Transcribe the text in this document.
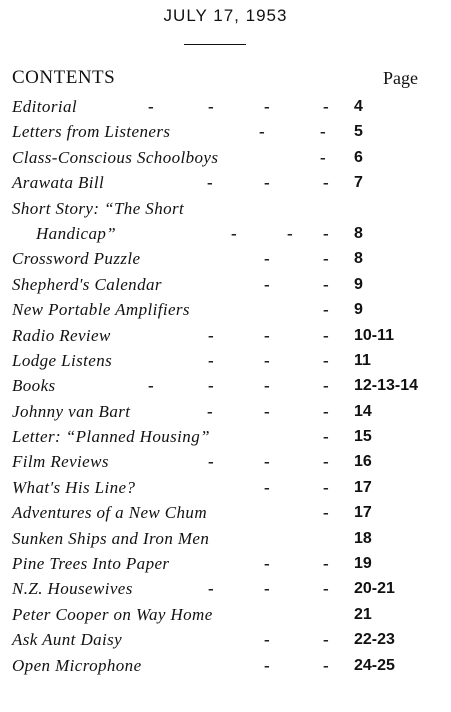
JULY 17, 1953
CONTENTS	Page
Editorial	-	-	-	- 4
Letters from Listeners	-	- 5
Class-Conscious Schoolboys	- 6
Arawata Bill	-	-	- 7
Short Story: “The Short
Handicap”	-	- - 8
Crossword Puzzle	-	- 8
Shepherd's Calendar	-	- 9
New Portable Amplifiers	- 9
Radio Review	-	-	- 10-11
Lodge Listens	-	-	- 11
Books	-	-	-	- 12-13-14
Johnny van Bart	-	-	- 14
Letter: “Planned Housing”	- 15
Film Reviews	-	-	- 16
What's His Line?	-	- 17
Adventures of a New Chum	- 17
Sunken Ships and Iron Men	18
Pine Trees Into Paper	-	- 19
N.Z. Housewives	-	-	- 20-21
Peter Cooper on Way Home	21
Ask Aunt Daisy	-	- 22-23
Open Microphone	-	- 24-25
